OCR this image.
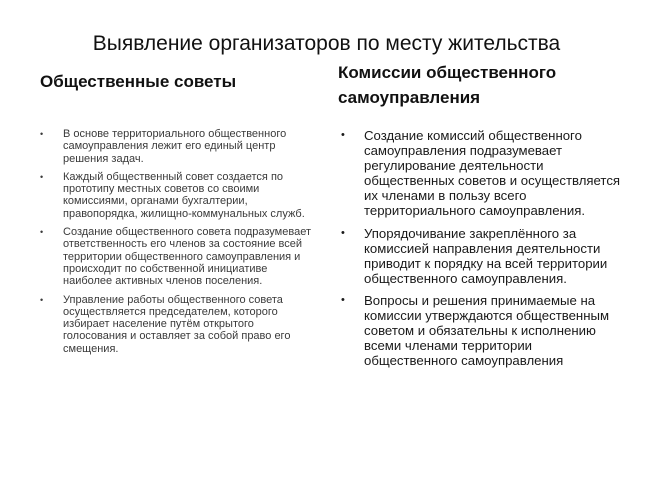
Выявление организаторов по месту жительства
Общественные советы	Комиссии общественного самоуправления
• В основе территориального общественного самоуправления лежит его единый центр решения задач.
• Каждый общественный совет создается по прототипу местных советов со своими комиссиями, органами бухгалтерии, правопорядка, жилищно-коммунальных служб.
• Создание общественного совета подразумевает ответственность его членов за состояние всей территории общественного самоуправления и происходит по собственной инициативе наиболее активных членов поселения.
• Управление работы общественного совета осуществляется председателем, которого избирает население путём открытого голосования и оставляет за собой право его смещения.
• Создание комиссий общественного самоуправления подразумевает регулирование деятельности общественных советов и осуществляется их членами в пользу всего территориального самоуправления.
• Упорядочивание закреплённого за комиссией направления деятельности приводит к порядку на всей территории общественного самоуправления.
• Вопросы и решения принимаемые на комиссии утверждаются общественным советом и обязательны к исполнению всеми членами территории общественного самоуправления
